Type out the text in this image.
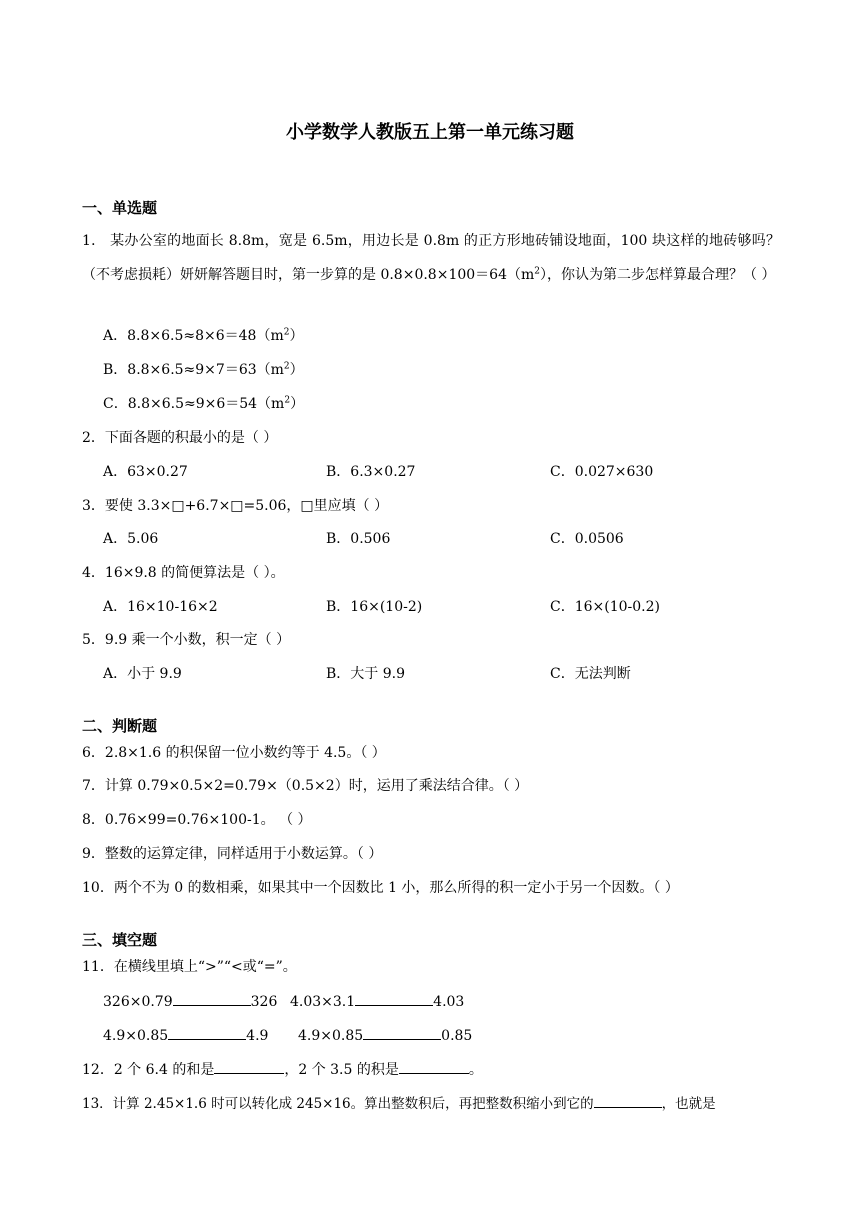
小学数学人教版五上第一单元练习题
一、单选题
1． 某办公室的地面长 8.8m，宽是 6.5m，用边长是 0.8m 的正方形地砖铺设地面，100 块这样的地砖够吗？（不考虑损耗）妍妍解答题目时，第一步算的是 $0.8\times 0.8\times 100=64(m^2)$，你认为第二步怎样算最合理？（ ）
A．$8.8\times 6.5\approx 8\times 6=48(m^2)$
B．$8.8\times 6.5\approx 9\times 7=63(m^2)$
C．$8.8\times 6.5\approx 9\times 6=54(m^2)$
2．下面各题的积最小的是（ ）
A．63×0.27	B．6.3×0.27	C．0.027×630
3．要使 3.3×□+6.7×□=5.06，□里应填（ ）
A．5.06	B．0.506	C．0.0506
4．16×9.8 的简便算法是（ ）。
A．16×10-16×2	B．16×(10-2)	C．16×(10-0.2)
5．9.9 乘一个小数，积一定（ ）
A．小于 9.9	B．大于 9.9	C．无法判断
二、判断题
6．2.8×1.6 的积保留一位小数约等于 4.5。（ ）
7．计算 0.79×0.5×2=0.79×（0.5×2）时，运用了乘法结合律。（ ）
8．0.76×99=0.76×100-1。 （ ）
9．整数的运算定律，同样适用于小数运算。（ ）
10．两个不为 0 的数相乘，如果其中一个因数比 1 小，那么所得的积一定小于另一个因数。（ ）
三、填空题
11．在横线里填上“>”“<或“=”。
326×0.79	326 4.03×3.1	4.03
4.9×0.85	4.9 4.9×0.85	0.85
12．2 个 6.4 的和是	，2 个 3.5 的积是	。
13．计算 2.45×1.6 时可以转化成 245×16。算出整数积后，再把整数积缩小到它的	，也就是
